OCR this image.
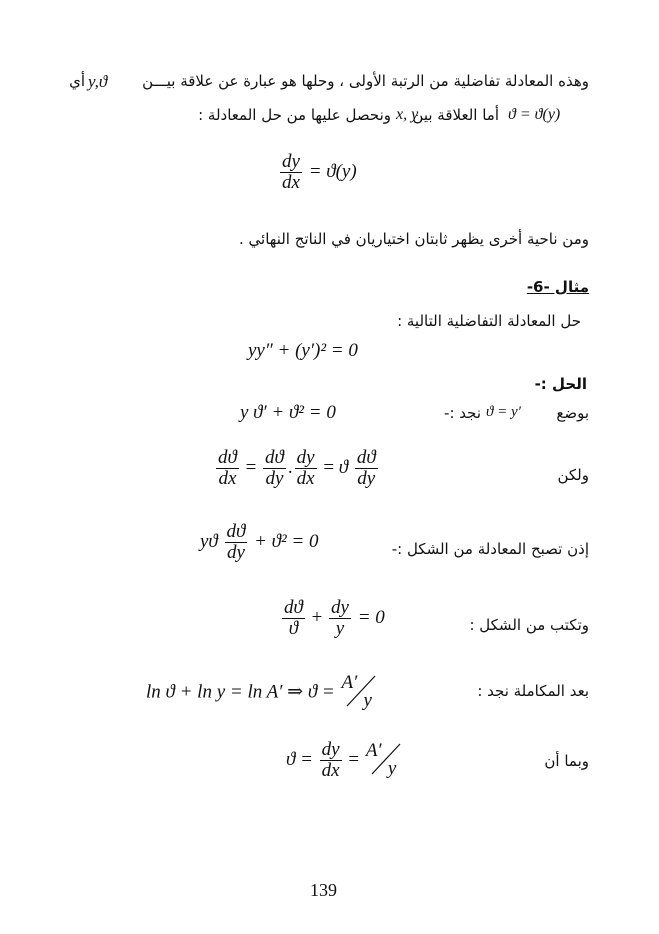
وهذه المعادلة تفاضلية من الرتبة الأولى ، وحلها هو عبارة عن علاقة بيـــن
y,ϑ
أي
ϑ = ϑ(y)
أما العلاقة بين
x, y
ونحصل عليها من حل المعادلة :
$\frac{dy}{dx} = ϑ(y)$
ومن ناحية أخرى يظهر ثابتان اختياريان في الناتج النهائي .
مثال -6-
حل المعادلة التفاضلية التالية :
yy″ + (y′)² = 0
الحل :-
y ϑ′ + ϑ² = 0	نجد :- ϑ = y′ بوضع
$\frac{dϑ}{dx} = \frac{dϑ}{dy}$ . $\frac{dy}{dx} = ϑ \frac{dϑ}{dy}$	ولكن
yϑ $\frac{dϑ}{dy} + ϑ^2 = 0$	إذن تصبح المعادلة من الشكل :-
$\frac{dϑ}{ϑ} + \frac{dy}{y} = 0$	وتكتب من الشكل :
ln ϑ + ln y = ln A′ ⇒ ϑ = A′
y	بعد المكاملة نجد :
$ϑ = \frac{dy}{dx} = A'$
y	وبما أن
139
